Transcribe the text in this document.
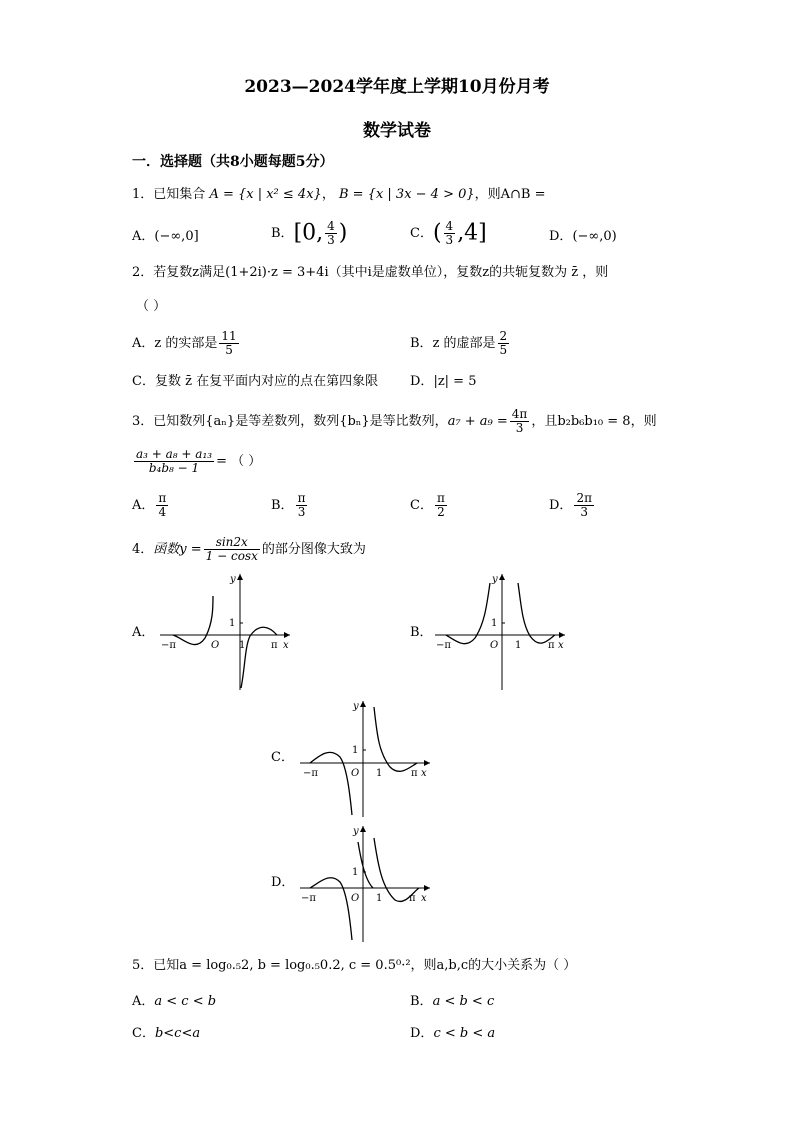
2023—2024学年度上学期10月份月考
数学试卷
一．选择题（共8小题每题5分）
1．已知集合 A = {x | x² ≤ 4x}， B = {x | 3x − 4 > 0}，则A∩B =
A．(−∞,0]	B．[0, $\frac{4}{3}$ )	C．( $\frac{4}{3} ,4$]	D．(−∞,0)
2．若复数z满足(1+2i)·z = 3+4i（其中i是虚数单位），复数z的共轭复数为 z̄ ，则
（ ）
A．z 的实部是 $\frac{11}{5}$	B．z 的虚部是 $\frac{2}{5}$
C．复数 z̄ 在复平面内对应的点在第四象限 D．|z| = 5
3．已知数列{aₙ}是等差数列，数列{bₙ}是等比数列，$a_7 + a_9 = \frac{4\pi}{3}$ ，且b₂b₆b₁₀ = 8，则
$\frac{\text{a₃ + a₈ + a₁₃}}{\text{b₄b₈ − 1}}$ = （ ）
A． $\frac{\pi}{4}$	B． $\frac{\pi}{3}$	C． $\frac{\pi}{2}$	D． $\frac{2\pi}{3}$
4．函数$y = \frac{\sin 2x}{1 - \cos x}$ 的部分图像大致为
A．	B．
C．
D．
y
x
1
O
−π	π
1
y
x
1
O
−π	π
1
y
x
1
O
−π	π
1
y
x
1
O
−π	π
1
5．已知a = log₀.₅2, b = log₀.₅0.2, c = 0.5⁰·²，则a,b,c的大小关系为（ ）
A．a < c < b	B．a < b < c
C．b<c<a	D．c < b < a
